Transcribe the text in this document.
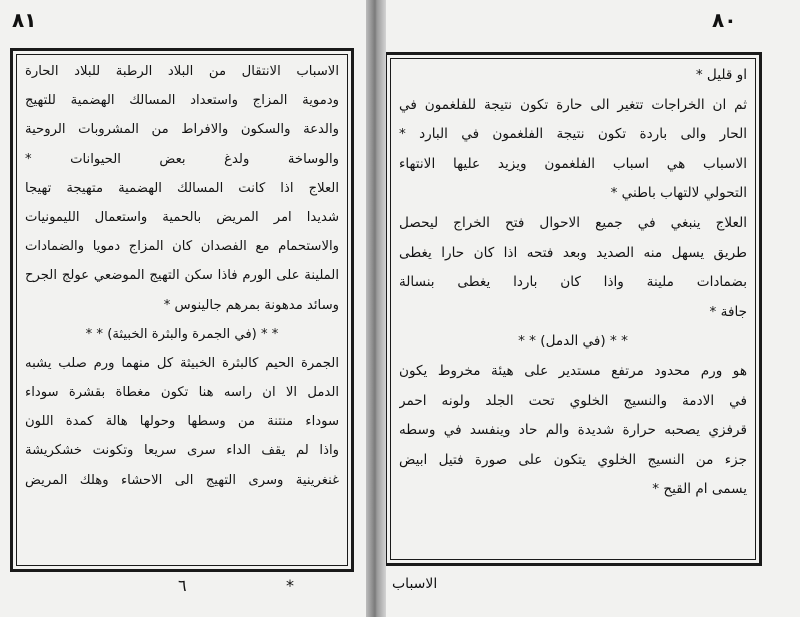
٨١
الاسباب الانتقال من البلاد الرطبة للبلاد الحارة
ودموية المزاج واستعداد المسالك الهضمية للتهيج
والدعة والسكون والافراط من المشروبات الروحية
والوساخة ولدغ بعض الحيوانات *
العلاج اذا كانت المسالك الهضمية متهيجة تهيجا
شديدا امر المريض بالحمية واستعمال الليمونيات
والاستحمام مع الفصدان كان المزاج دمويا والضمادات
الملينة على الورم فاذا سكن التهيج الموضعي عولج الجرح
وسائد مدهونة بمرهم جالينوس *
* * (في الجمرة والبثرة الخبيثة) * *
الجمرة الحيم كالبثرة الخبيثة كل منهما ورم صلب يشبه
الدمل الا ان راسه هنا تكون مغطاة بقشرة سوداء
سوداء منتنة من وسطها وحولها هالة كمدة اللون
واذا لم يقف الداء سرى سريعا وتكونت خشكريشة
غنغرينية وسرى التهيج الى الاحشاء وهلك المريض
٦	*
٨٠
او قليل *
ثم ان الخراجات تتغير الى حارة تكون نتيجة للفلغمون في
الحار والى باردة تكون نتيجة الفلغمون في البارد *
الاسباب هي اسباب الفلغمون ويزيد عليها الانتهاء
التحولي لالتهاب باطني *
العلاج ينبغي في جميع الاحوال فتح الخراج ليحصل
طريق يسهل منه الصديد وبعد فتحه اذا كان حارا يغطى
بضمادات ملينة واذا كان باردا يغطى بنسالة
جافة *
* * (في الدمل) * *
هو ورم محدود مرتفع مستدير على هيئة مخروط يكون
في الادمة والنسيج الخلوي تحت الجلد ولونه احمر
قرفزي يصحبه حرارة شديدة والم حاد وينفسد في وسطه
جزء من النسيج الخلوي يتكون على صورة فتيل ابيض
يسمى ام القيح *
الاسباب
